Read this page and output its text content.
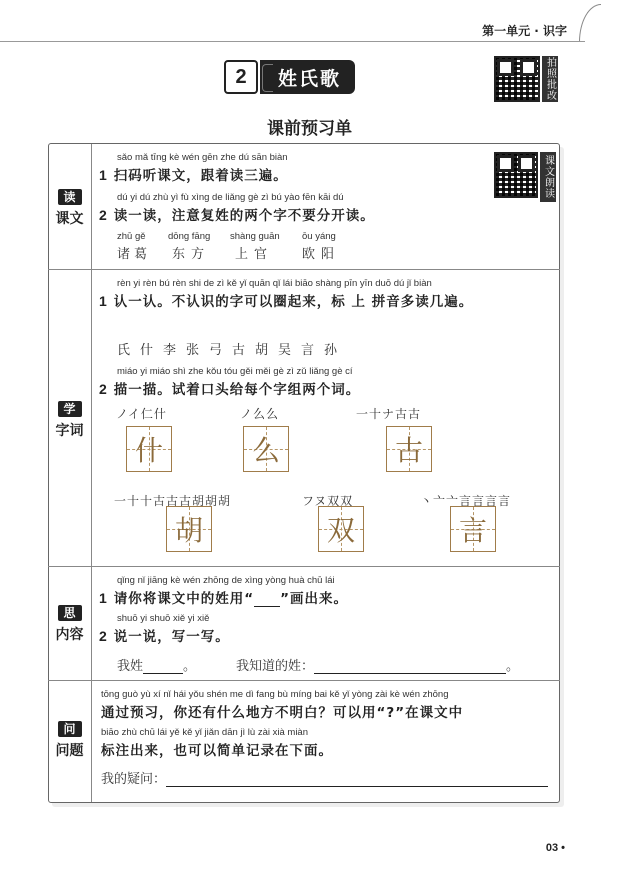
第一单元 · 识字
2	姓氏歌	拍照批改
课前预习单
课文朗读
读
课文
sǎo mǎ tīng kè wén gēn zhe dú sān biàn
1 扫码听课文，跟着读三遍。
dú yi dú zhù yì fù xìng de liǎng gè zì bú yào fēn kāi dú
2 读一读，注意复姓的两个字不要分开读。
zhū gě dōng fāng shàng guān ōu yáng
诸葛 东方 上官 欧阳
学
字词
rèn yi rèn bú rèn shi de zì kě yǐ quān qǐ lái biāo shàng pīn yīn duō dú jǐ biàn
1 认一认。不认识的字可以圈起来，标 上 拼音多读几遍。
氏什李张弓古胡吴言孙
miáo yi miáo shì zhe kǒu tóu gěi měi gè zì zǔ liǎng gè cí
2 描一描。试着口头给每个字组两个词。
ノイ仁什
什
ノ么么
么
一十ナ古古
古
一十十古古古胡胡胡
胡
フヌ双双
双
丶亠亠言言言言
言
思
内容
qǐng nǐ jiāng kè wén zhōng de xìng yòng huà chū lái
1 请你将课文中的姓用“ ”画出来。
shuō yi shuō xiě yi xiě
2 说一说，写一写。
我姓	。	我知道的姓：	。
问
问题
tōng guò yù xí nǐ hái yǒu shén me dì fang bù míng bai kě yǐ yòng zài kè wén zhōng
通过预习，你还有什么地方不明白？可以用“?”在课文中
biāo zhù chū lái yě kě yǐ jiǎn dān jì lù zài xià miàn
标注出来，也可以简单记录在下面。
我的疑问：
03 •
